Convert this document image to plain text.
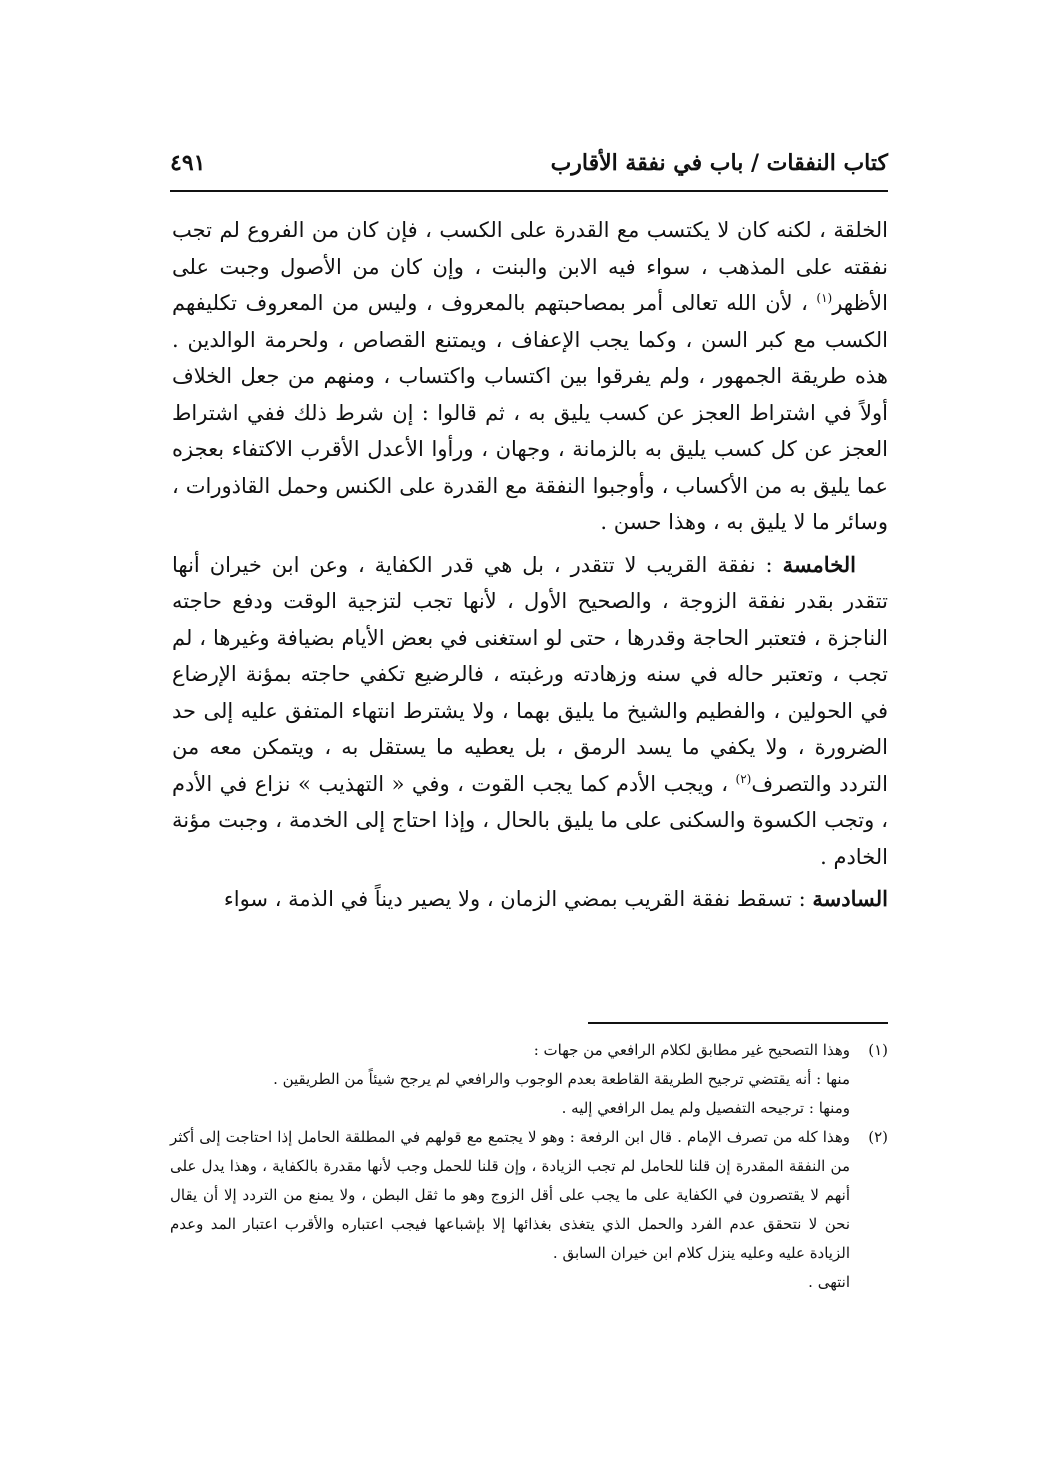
كتاب النفقات / باب في نفقة الأقارب
٤٩١

الخلقة ، لكنه كان لا يكتسب مع القدرة على الكسب ، فإن كان من الفروع لم تجب نفقته على المذهب ، سواء فيه الابن والبنت ، وإن كان من الأصول وجبت على الأظهر$^{(١)}$ ، لأن الله تعالى أمر بمصاحبتهم بالمعروف ، وليس من المعروف تكليفهم الكسب مع كبر السن ، وكما يجب الإعفاف ، ويمتنع القصاص ، ولحرمة الوالدين . هذه طريقة الجمهور ، ولم يفرقوا بين اكتساب واكتساب ، ومنهم من جعل الخلاف أولاً في اشتراط العجز عن كسب يليق به ، ثم قالوا : إن شرط ذلك ففي اشتراط العجز عن كل كسب يليق به بالزمانة ، وجهان ، ورأوا الأعدل الأقرب الاكتفاء بعجزه عما يليق به من الأكساب ، وأوجبوا النفقة مع القدرة على الكنس وحمل القاذورات ، وسائر ما لا يليق به ، وهذا حسن .

الخامسة : نفقة القريب لا تتقدر ، بل هي قدر الكفاية ، وعن ابن خيران أنها تتقدر بقدر نفقة الزوجة ، والصحيح الأول ، لأنها تجب لتزجية الوقت ودفع حاجته الناجزة ، فتعتبر الحاجة وقدرها ، حتى لو استغنى في بعض الأيام بضيافة وغيرها ، لم تجب ، وتعتبر حاله في سنه وزهادته ورغبته ، فالرضيع تكفي حاجته بمؤنة الإرضاع في الحولين ، والفطيم والشيخ ما يليق بهما ، ولا يشترط انتهاء المتفق عليه إلى حد الضرورة ، ولا يكفي ما يسد الرمق ، بل يعطيه ما يستقل به ، ويتمكن معه من التردد والتصرف$^{(٢)}$ ، ويجب الأدم كما يجب القوت ، وفي « التهذيب » نزاع في الأدم ، وتجب الكسوة والسكنى على ما يليق بالحال ، وإذا احتاج إلى الخدمة ، وجبت مؤنة الخادم .

السادسة : تسقط نفقة القريب بمضي الزمان ، ولا يصير ديناً في الذمة ، سواء

(١)
وهذا التصحيح غير مطابق لكلام الرافعي من جهات :
منها : أنه يقتضي ترجيح الطريقة القاطعة بعدم الوجوب والرافعي لم يرجح شيئاً من الطريقين .
ومنها : ترجيحه التفصيل ولم يمل الرافعي إليه .
(٢)
وهذا كله من تصرف الإمام . قال ابن الرفعة : وهو لا يجتمع مع قولهم في المطلقة الحامل إذا احتاجت إلى أكثر من النفقة المقدرة إن قلنا للحامل لم تجب الزيادة ، وإن قلنا للحمل وجب لأنها مقدرة بالكفاية ، وهذا يدل على أنهم لا يقتصرون في الكفاية على ما يجب على أقل الزوج وهو ما ثقل البطن ، ولا يمنع من التردد إلا أن يقال نحن لا نتحقق عدم الفرد والحمل الذي يتغذى بغذائها إلا بإشباعها فيجب اعتباره والأقرب اعتبار المد وعدم الزيادة عليه وعليه ينزل كلام ابن خيران السابق .
انتهى .
